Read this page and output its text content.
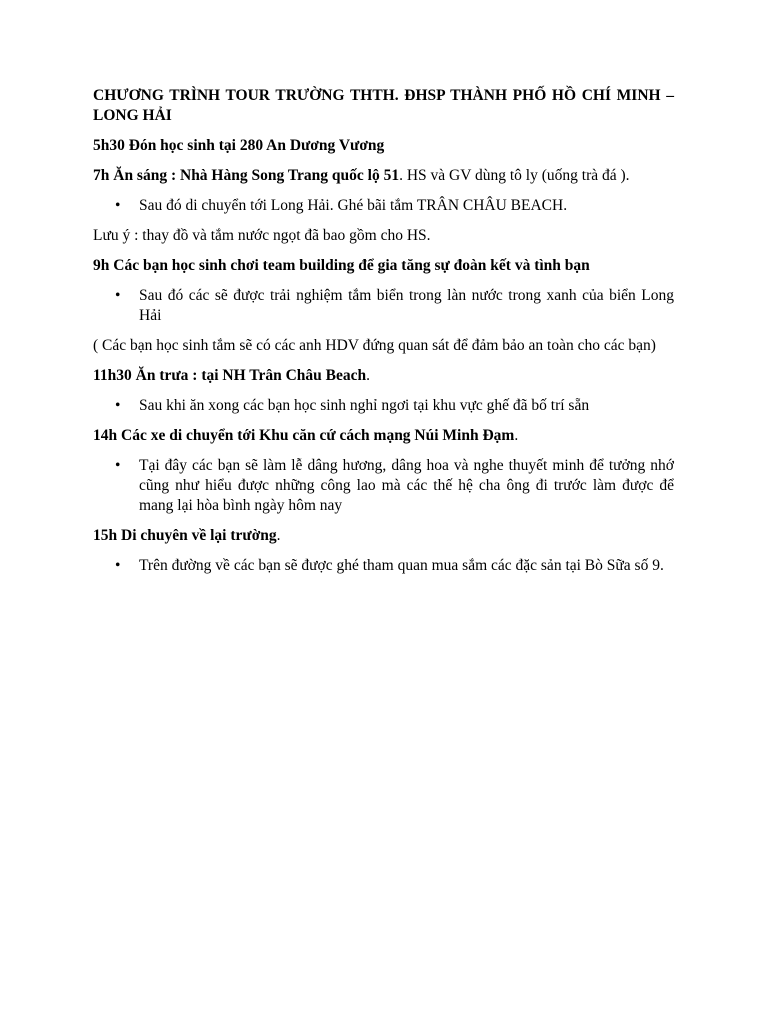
CHƯƠNG TRÌNH TOUR TRƯỜNG THTH. ĐHSP THÀNH PHỐ HỒ CHÍ MINH – LONG HẢI

5h30 Đón học sinh tại 280 An Dương Vương

7h Ăn sáng : Nhà Hàng Song Trang quốc lộ 51. HS và GV dùng tô ly (uống trà đá ).

• Sau đó di chuyển tới Long Hải. Ghé bãi tắm TRÂN CHÂU BEACH.

Lưu ý : thay đồ và tắm nước ngọt đã bao gồm cho HS.

9h Các bạn học sinh chơi team building để gia tăng sự đoàn kết và tình bạn

• Sau đó các sẽ được trải nghiệm tắm biển trong làn nước trong xanh của biển Long Hải

( Các bạn học sinh tắm sẽ có các anh HDV đứng quan sát để đảm bảo an toàn cho các bạn)

11h30 Ăn trưa : tại NH Trân Châu Beach.

• Sau khi ăn xong các bạn học sinh nghỉ ngơi tại khu vực ghế đã bố trí sẵn

14h Các xe di chuyển tới Khu căn cứ cách mạng Núi Minh Đạm.

• Tại đây các bạn sẽ làm lễ dâng hương, dâng hoa và nghe thuyết minh để tưởng nhớ cũng như hiểu được những công lao mà các thế hệ cha ông đi trước làm được để mang lại hòa bình ngày hôm nay

15h Di chuyên về lại trường.

• Trên đường về các bạn sẽ được ghé tham quan mua sắm các đặc sản tại Bò Sữa số 9.
